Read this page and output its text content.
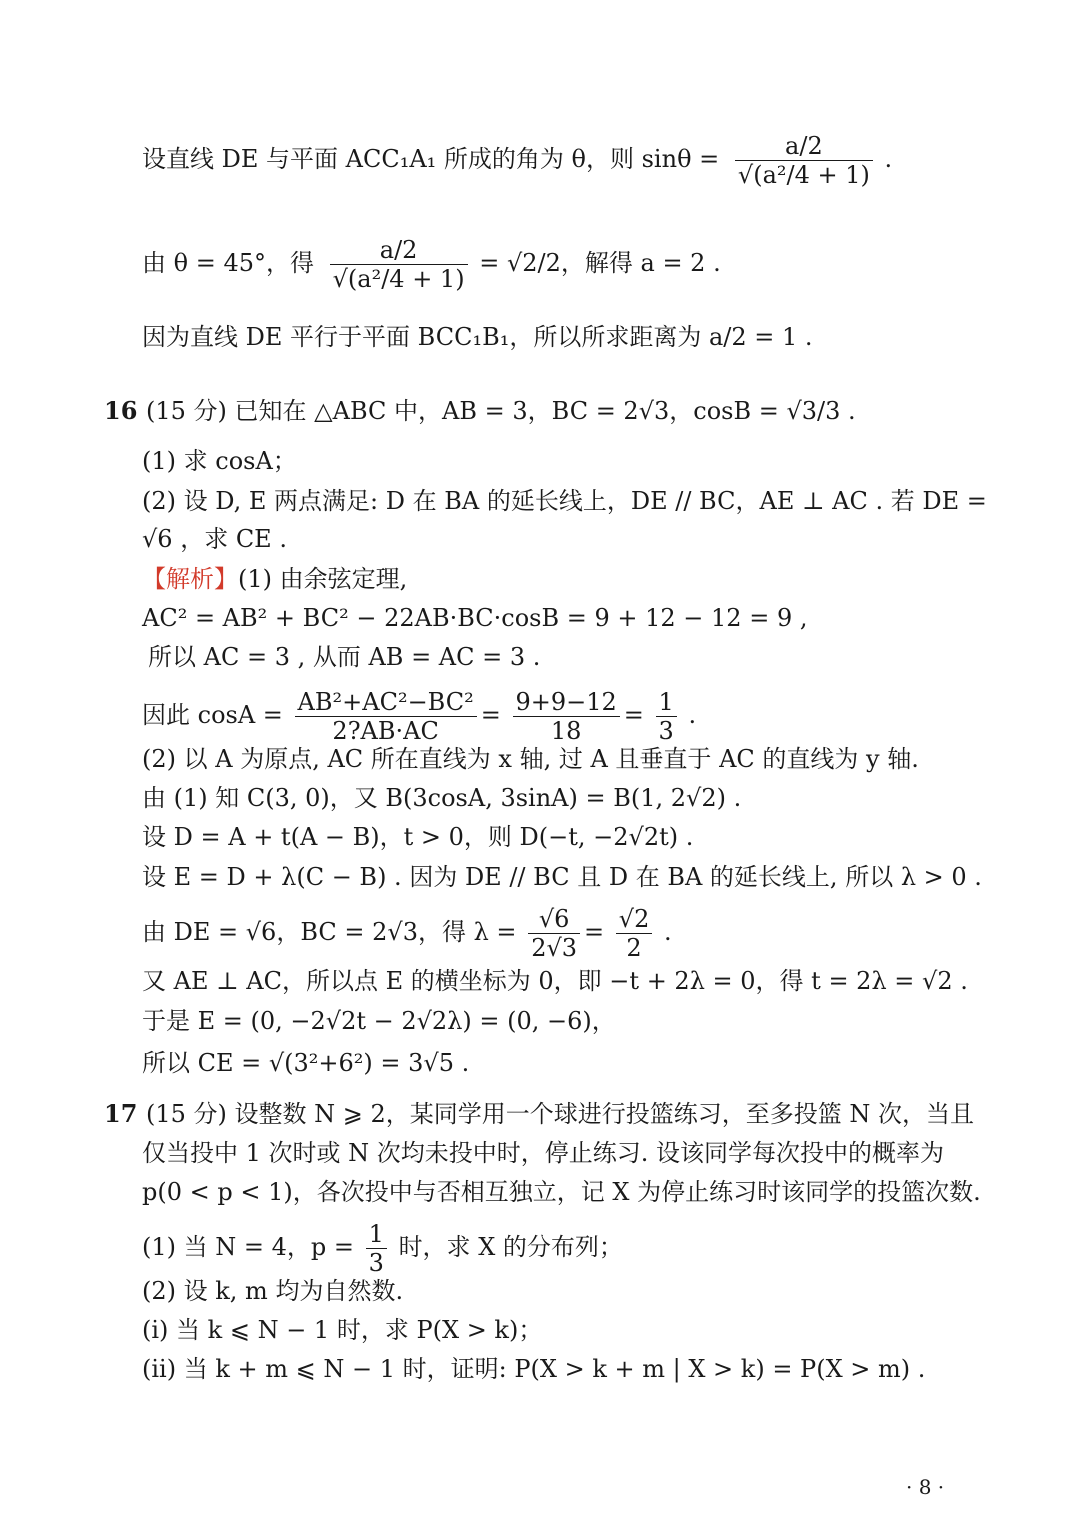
设直线 DE 与平面 ACC₁A₁ 所成的角为 θ，则 $\sin\theta = \frac{a/2}{\text{√(a²/4 + 1)}}$ .
由 θ = 45°，得 $\frac{a/2}{\text{√(a²/4 + 1)}} = √2/2$，解得 a = 2 .
因为直线 DE 平行于平面 BCC₁B₁，所以所求距离为 a/2 = 1 .
16 (15 分) 已知在 △ABC 中，AB = 3，BC = 2√3，cosB = √3/3 .
(1) 求 cosA；
(2) 设 D, E 两点满足: D 在 BA 的延长线上，DE // BC，AE ⊥ AC . 若 DE =
√6 ，求 CE .
【解析】(1) 由余弦定理,
AC² = AB² + BC² − 22AB·BC·cosB = 9 + 12 − 12 = 9 ,
所以 AC = 3 , 从而 AB = AC = 3 .
因此 $\cos A = \frac{\text{AB²+AC²−BC²}}{2?AB\cdot AC} = \frac{9+9-12}{18} = \frac{1}{3}$ .
(2) 以 A 为原点, AC 所在直线为 x 轴, 过 A 且垂直于 AC 的直线为 y 轴.
由 (1) 知 C(3, 0)，又 B(3cosA, 3sinA) = B(1, 2√2) .
设 D = A + t(A − B)，t > 0，则 D(−t, −2√2t) .
设 E = D + λ(C − B) . 因为 DE // BC 且 D 在 BA 的延长线上, 所以 λ > 0 .
由 DE = √6，BC = 2√3，得 $\lambda = \frac{√6}{2√3} = \frac{√2}{2}$ .
又 AE ⊥ AC，所以点 E 的横坐标为 0，即 −t + 2λ = 0，得 t = 2λ = √2 .
于是 E = (0, −2√2t − 2√2λ) = (0, −6)，
所以 CE = √(3²+6²) = 3√5 .
17 (15 分) 设整数 N ⩾ 2，某同学用一个球进行投篮练习，至多投篮 N 次，当且
仅当投中 1 次时或 N 次均未投中时，停止练习. 设该同学每次投中的概率为
p(0 < p < 1)，各次投中与否相互独立，记 X 为停止练习时该同学的投篮次数.
(1) 当 N = 4，$p = \frac{1}{3}$ 时，求 X 的分布列；
(2) 设 k, m 均为自然数.
(i) 当 k ⩽ N − 1 时，求 P(X > k)；
(ii) 当 k + m ⩽ N − 1 时，证明: P(X > k + m | X > k) = P(X > m) .
· 8 ·
